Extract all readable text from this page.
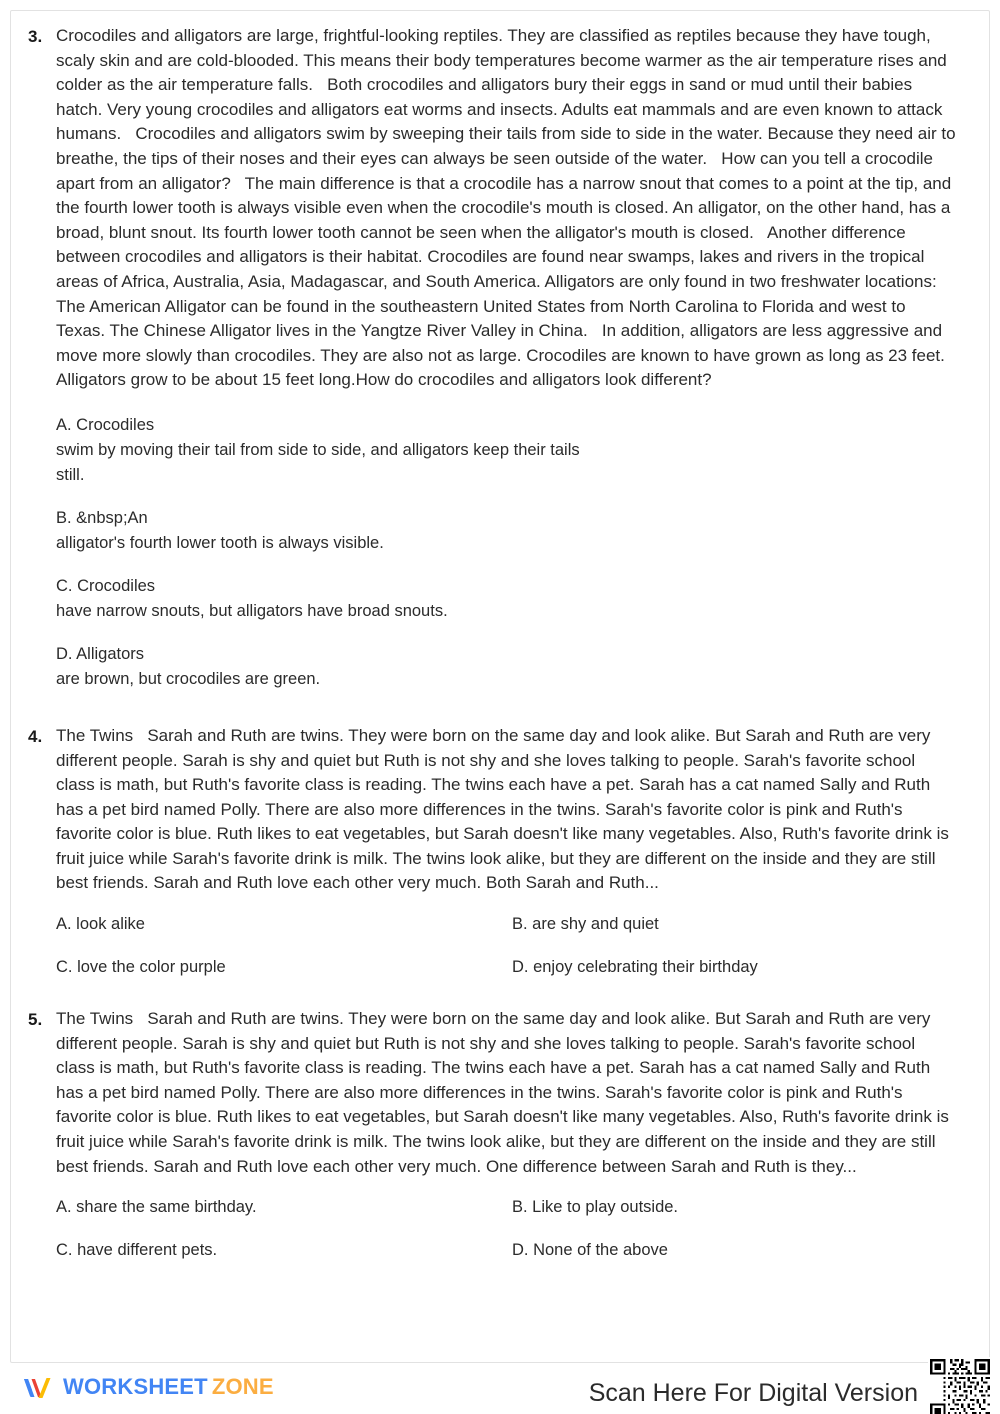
3. Crocodiles and alligators are large, frightful-looking reptiles. They are classified as reptiles because they have tough, scaly skin and are cold-blooded. This means their body temperatures become warmer as the air temperature rises and colder as the air temperature falls.   Both crocodiles and alligators bury their eggs in sand or mud until their babies hatch. Very young crocodiles and alligators eat worms and insects. Adults eat mammals and are even known to attack humans.   Crocodiles and alligators swim by sweeping their tails from side to side in the water. Because they need air to breathe, the tips of their noses and their eyes can always be seen outside of the water.   How can you tell a crocodile apart from an alligator?   The main difference is that a crocodile has a narrow snout that comes to a point at the tip, and the fourth lower tooth is always visible even when the crocodile's mouth is closed. An alligator, on the other hand, has a broad, blunt snout. Its fourth lower tooth cannot be seen when the alligator's mouth is closed.   Another difference between crocodiles and alligators is their habitat. Crocodiles are found near swamps, lakes and rivers in the tropical areas of Africa, Australia, Asia, Madagascar, and South America. Alligators are only found in two freshwater locations: The American Alligator can be found in the southeastern United States from North Carolina to Florida and west to Texas. The Chinese Alligator lives in the Yangtze River Valley in China.   In addition, alligators are less aggressive and move more slowly than crocodiles. They are also not as large. Crocodiles are known to have grown as long as 23 feet. Alligators grow to be about 15 feet long.How do crocodiles and alligators look different?

A. Crocodiles
swim by moving their tail from side to side, and alligators keep their tails
still.
B. &nbsp;An
alligator's fourth lower tooth is always visible.
C. Crocodiles
have narrow snouts, but alligators have broad snouts.
D. Alligators
are brown, but crocodiles are green.
4. The Twins   Sarah and Ruth are twins. They were born on the same day and look alike. But Sarah and Ruth are very different people. Sarah is shy and quiet but Ruth is not shy and she loves talking to people. Sarah's favorite school class is math, but Ruth's favorite class is reading. The twins each have a pet. Sarah has a cat named Sally and Ruth has a pet bird named Polly. There are also more differences in the twins. Sarah's favorite color is pink and Ruth's favorite color is blue. Ruth likes to eat vegetables, but Sarah doesn't like many vegetables. Also, Ruth's favorite drink is fruit juice while Sarah's favorite drink is milk. The twins look alike, but they are different on the inside and they are still best friends. Sarah and Ruth love each other very much. Both Sarah and Ruth...

A. look alike	B. are shy and quiet
C. love the color purple	D. enjoy celebrating their birthday
5. The Twins   Sarah and Ruth are twins. They were born on the same day and look alike. But Sarah and Ruth are very different people. Sarah is shy and quiet but Ruth is not shy and she loves talking to people. Sarah's favorite school class is math, but Ruth's favorite class is reading. The twins each have a pet. Sarah has a cat named Sally and Ruth has a pet bird named Polly. There are also more differences in the twins. Sarah's favorite color is pink and Ruth's favorite color is blue. Ruth likes to eat vegetables, but Sarah doesn't like many vegetables. Also, Ruth's favorite drink is fruit juice while Sarah's favorite drink is milk. The twins look alike, but they are different on the inside and they are still best friends. Sarah and Ruth love each other very much. One difference between Sarah and Ruth is they...

A. share the same birthday.	B. Like to play outside.
C. have different pets.	D. None of the above
WORKSHEET ZONE	Scan Here For Digital Version
